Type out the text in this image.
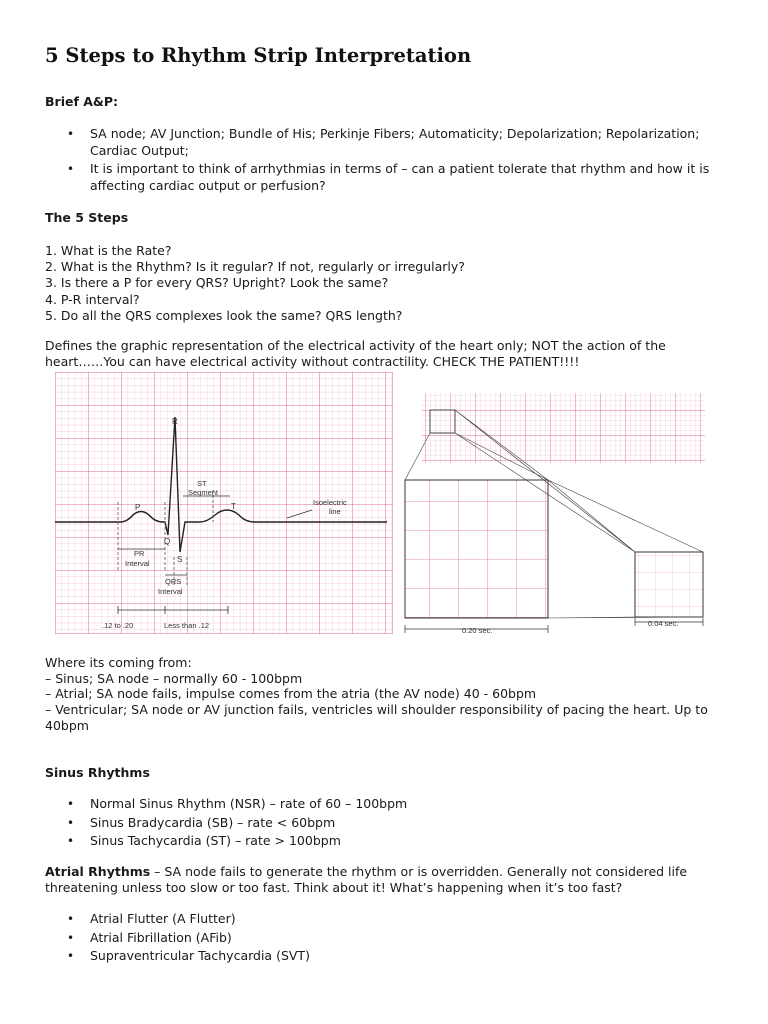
5 Steps to Rhythm Strip Interpretation

Brief A&P:

• SA node; AV Junction; Bundle of His; Perkinje Fibers; Automaticity; Depolarization; Repolarization; Cardiac Output;
• It is important to think of arrhythmias in terms of – can a patient tolerate that rhythm and how it is affecting cardiac output or perfusion?

The 5 Steps

1. What is the Rate?
2. What is the Rhythm? Is it regular? If not, regularly or irregularly?
3. Is there a P for every QRS? Upright? Look the same?
4. P-R interval?
5. Do all the QRS complexes look the same? QRS length?

Defines the graphic representation of the electrical activity of the heart only; NOT the action of the heart……You can have electrical activity without contractility. CHECK THE PATIENT!!!!

R
P
Q
S
T
ST
Segment
Isoelectric
line
PR
Interval
QRS
Interval
.12 to .20	Less than .12
0.20 sec.
0.04 sec.

Where its coming from:

– Sinus; SA node – normally 60 - 100bpm

– Atrial; SA node fails, impulse comes from the atria (the AV node) 40 - 60bpm

– Ventricular; SA node or AV junction fails, ventricles will shoulder responsibility of pacing the heart. Up to 40bpm

Sinus Rhythms

• Normal Sinus Rhythm (NSR) – rate of 60 – 100bpm
• Sinus Bradycardia (SB) – rate < 60bpm
• Sinus Tachycardia (ST) – rate > 100bpm

Atrial Rhythms – SA node fails to generate the rhythm or is overridden. Generally not considered life threatening unless too slow or too fast. Think about it! What’s happening when it’s too fast?

• Atrial Flutter (A Flutter)
• Atrial Fibrillation (AFib)
• Supraventricular Tachycardia (SVT)
